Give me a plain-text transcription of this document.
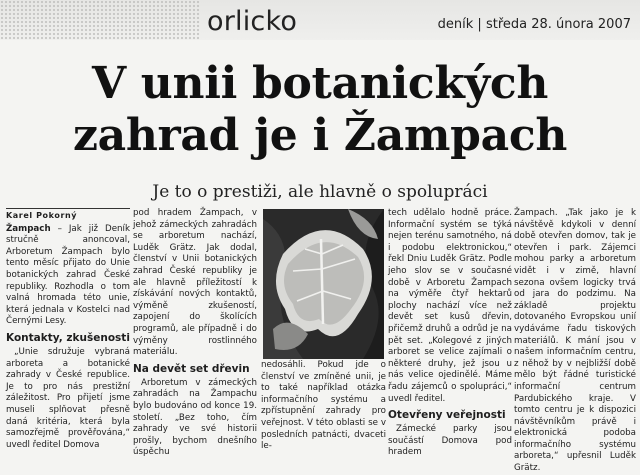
orlicko	deník | středa 28. února 2007
V unii botanických
zahrad je i Žampach
Je to o prestiži, ale hlavně o spolupráci
Karel Pokorný

Žampach – Jak již Deník stručně anoncoval, Arboretum Žampach bylo tento měsíc přijato do Unie botanických zahrad České republiky. Rozhodla o tom valná hromada této unie, která jednala v Kostelci nad Černými Lesy.

Kontakty, zkušenosti

„Unie sdružuje vybraná arboreta a botanické zahrady v České republice. Je to pro nás prestižní záležitost. Pro přijetí jsme museli splňovat přesně daná kritéria, která byla samozřejmě prověřována,“ uvedl ředitel Domova

pod hradem Žampach, v jehož zámeckých zahradách se arboretum nachází, Luděk Grätz. Jak dodal, členství v Unii botanických zahrad České republiky je ale hlavně příležitostí k získávání nových kontaktů, výměně zkušeností, zapojení do školících programů, ale případně i do výměny rostlinného materiálu.

Na devět set dřevin

Arboretum v zámeckých zahradách na Žampachu bylo budováno od konce 19. století. „Bez toho, čím zahrady ve své historii prošly, bychom dnešního úspěchu

nedosáhli. Pokud jde o členství ve zmíněné unii, je to také například otázka informačního systému a zpřístupnění zahrady pro veřejnost. V této oblasti se v posledních patnácti, dvaceti le-

tech udělalo hodně práce. Informační systém se týká nejen terénu samotného, ná i podobu elektronickou,“ řekl Dniu Luděk Grätz. Podle jeho slov se v současné době v Arboretu Žampach na výměře čtyř hektarů plochy nachází více než devět set kusů dřevin, přičemž druhů a odrůd je na pět set. „Kolegové z jiných arboret se velice zajímali o některé druhy, jež jsou u nás velice ojedinělé. Máme řadu zájemců o spolupráci,“ uvedl ředitel.

Otevřeny veřejnosti

Zámecké parky jsou součástí Domova pod hradem

Žampach. „Tak jako je k návštěvě kdykoli v denní době otevřen domov, tak je otevřen i park. Zájemci mohou parky a arboretum vidět i v zimě, hlavní sezona ovšem logicky trvá od jara do podzimu. Na základě projektu dotovaného Evropskou unií vydáváme řadu tiskových materiálů. K mání jsou v našem informačním centru, z něhož by v nejbližší době mělo být řádné turistické informační centrum Pardubického kraje. V tomto centru je k dispozici návštěvníkům právě i elektronická podoba informačního systému arboreta,“ upřesnil Luděk Grätz.
